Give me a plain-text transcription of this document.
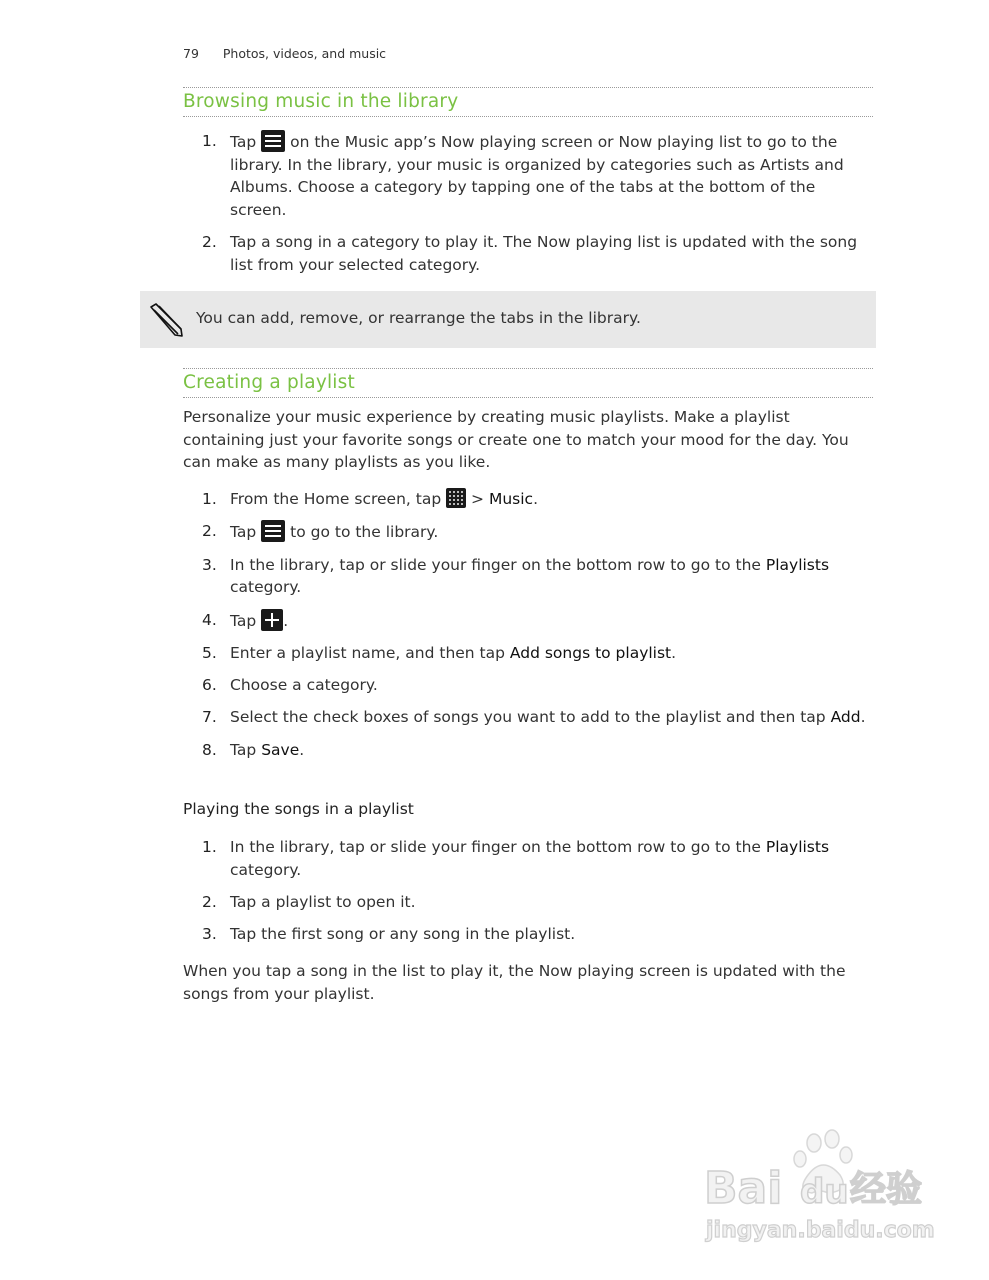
79 Photos, videos, and music
Browsing music in the library
1. Tap on the Music app’s Now playing screen or Now playing list to go to the library. In the library, your music is organized by categories such as Artists and Albums. Choose a category by tapping one of the tabs at the bottom of the screen.
2. Tap a song in a category to play it. The Now playing list is updated with the song list from your selected category.
You can add, remove, or rearrange the tabs in the library.
Creating a playlist
Personalize your music experience by creating music playlists. Make a playlist containing just your favorite songs or create one to match your mood for the day. You can make as many playlists as you like.
1. From the Home screen, tap
> Music.
2. Tap to go to the library.
3. In the library, tap or slide your finger on the bottom row to go to the Playlists category.
4. Tap .
5. Enter a playlist name, and then tap Add songs to playlist.
6. Choose a category.
7. Select the check boxes of songs you want to add to the playlist and then tap Add.
8. Tap Save.
Playing the songs in a playlist
1. In the library, tap or slide your finger on the bottom row to go to the Playlists category.
2. Tap a playlist to open it.
3. Tap the first song or any song in the playlist.
When you tap a song in the list to play it, the Now playing screen is updated with the songs from your playlist.
Bai du 经验
jingyan.baidu.com
